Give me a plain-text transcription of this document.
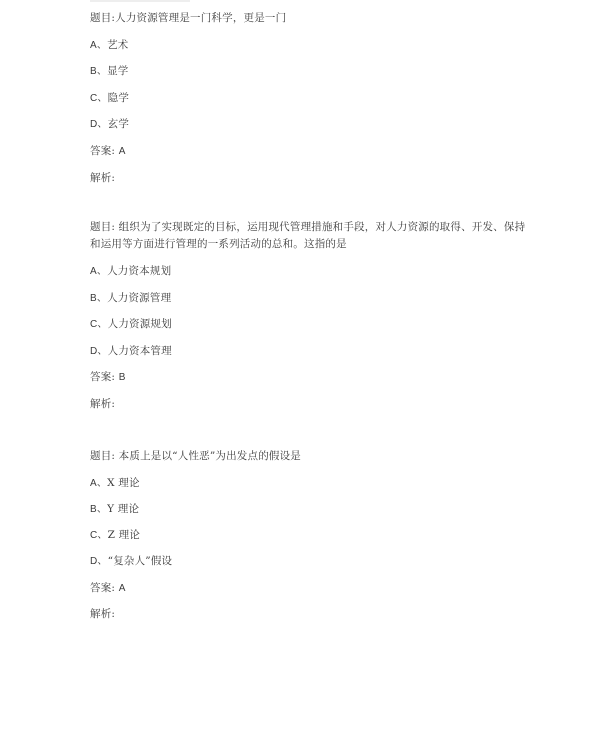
题目:人力资源管理是一门科学，更是一门
A、艺术
B、显学
C、隐学
D、玄学
答案: A
解析:
题目: 组织为了实现既定的目标，运用现代管理措施和手段，对人力资源的取得、开发、保持和运用等方面进行管理的一系列活动的总和。这指的是
A、人力资本规划
B、人力资源管理
C、人力资源规划
D、人力资本管理
答案: B
解析:
题目: 本质上是以“人性恶”为出发点的假设是
A、X 理论
B、Y 理论
C、Z 理论
D、“复杂人”假设
答案: A
解析:
